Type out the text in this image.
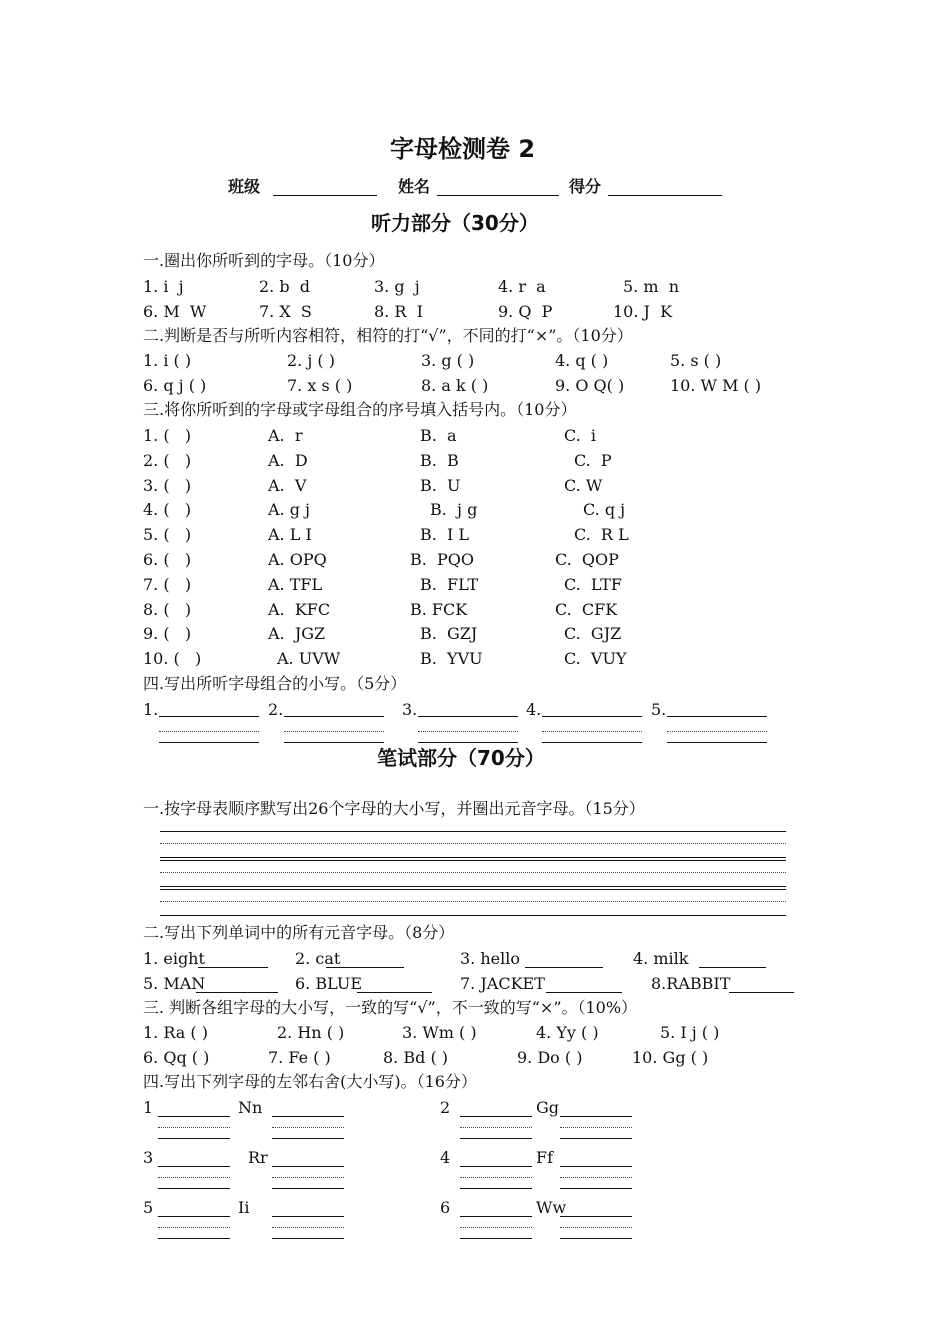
字母检测卷 2
班级	姓名	得分
听力部分（30分）
一.圈出你所听到的字母。（10分）
1. i  j	2. b  d	3. g  j	4. r  a	5. m  n
6. M  W	7. X  S	8. R  I	9. Q  P	10. J  K
二.判断是否与所听内容相符，相符的打“√”，不同的打“×”。（10分）
1. i ( )	2. j ( )	3. g ( )	4. q ( )	5. s ( )
6. q j ( )	7. x s ( )	8. a k ( )	9. O Q( )	10. W M ( )
三.将你所听到的字母或字母组合的序号填入括号内。（10分）
四.写出所听字母组合的小写。（5分）
笔试部分（70分）
一.按字母表顺序默写出26个字母的大小写，并圈出元音字母。（15分）
二.写出下列单词中的所有元音字母。（8分）
三. 判断各组字母的大小写，一致的写“√”，不一致的写“×”。（10%）
1. Ra ( )	2. Hn ( )	3. Wm ( )	4. Yy ( )	5. I j ( )
6. Qq ( )	7. Fe ( )	8. Bd ( )	9. Do ( )	10. Gg ( )
四.写出下列字母的左邻右舍(大小写)。（16分）
1. (   )	A.  r	B.  a	C.  i
2. (   )	A.  D	B.  B	C.  P
3. (   )	A.  V	B.  U	C. W
4. (   )	A. g j	B.  j g	C. q j
5. (   )	A. L I	B.  I L	C.  R L
6. (   )	A. OPQ	B.  PQO	C.  QOP
7. (   )	A. TFL	B.  FLT	C.  LTF
8. (   )	A.  KFC	B. FCK	C.  CFK
9. (   )	A.  JGZ	B.  GZJ	C.  GJZ
10. (   )	A. UVW	B.  YVU	C.  VUY
1.	2.	3.	4.	5.
1. eight	2. cat	3. hello	4. milk
5. MAN	6. BLUE	7. JACKET	8.RABBIT
1	Nn	2	Gg
3	Rr	4	Ff
5	Ii	6	Ww
